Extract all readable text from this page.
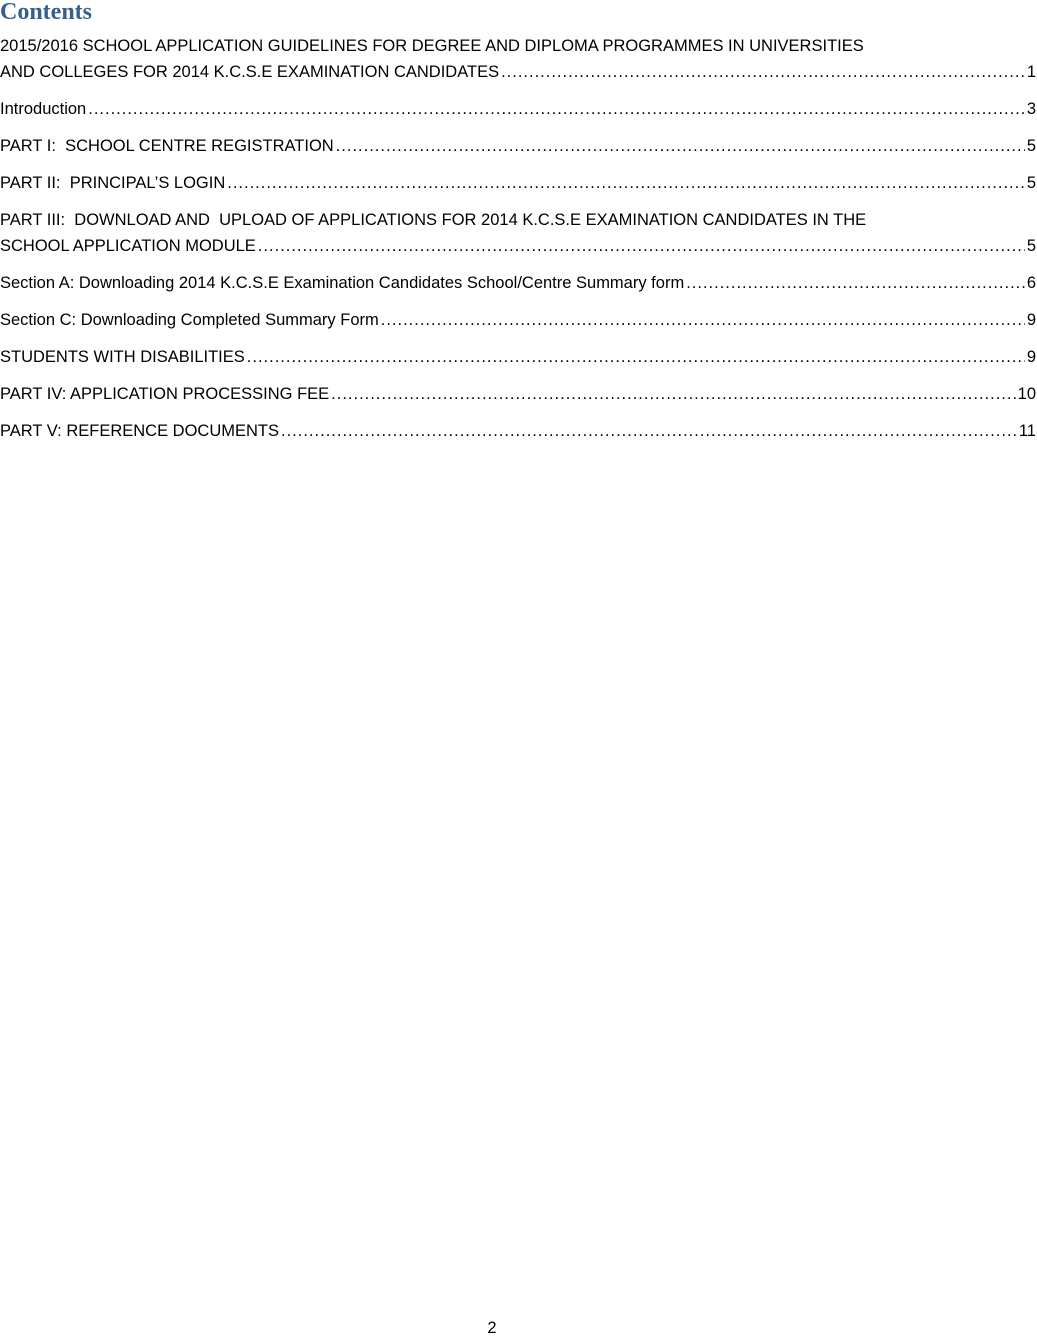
Contents
2015/2016 SCHOOL APPLICATION GUIDELINES FOR DEGREE AND DIPLOMA PROGRAMMES IN UNIVERSITIES
AND COLLEGES FOR 2014 K.C.S.E EXAMINATION CANDIDATES .....	1
Introduction .....	3
PART I:  SCHOOL CENTRE REGISTRATION .....	5
PART II:  PRINCIPAL’S LOGIN .....	5
PART III:  DOWNLOAD AND  UPLOAD OF APPLICATIONS FOR 2014 K.C.S.E EXAMINATION CANDIDATES IN THE
SCHOOL APPLICATION MODULE .....	5
Section A: Downloading 2014 K.C.S.E Examination Candidates School/Centre Summary form .....	6
Section C: Downloading Completed Summary Form .....	9
STUDENTS WITH DISABILITIES .....	9
PART IV: APPLICATION PROCESSING FEE .....	10
PART V: REFERENCE DOCUMENTS .....	11
2
